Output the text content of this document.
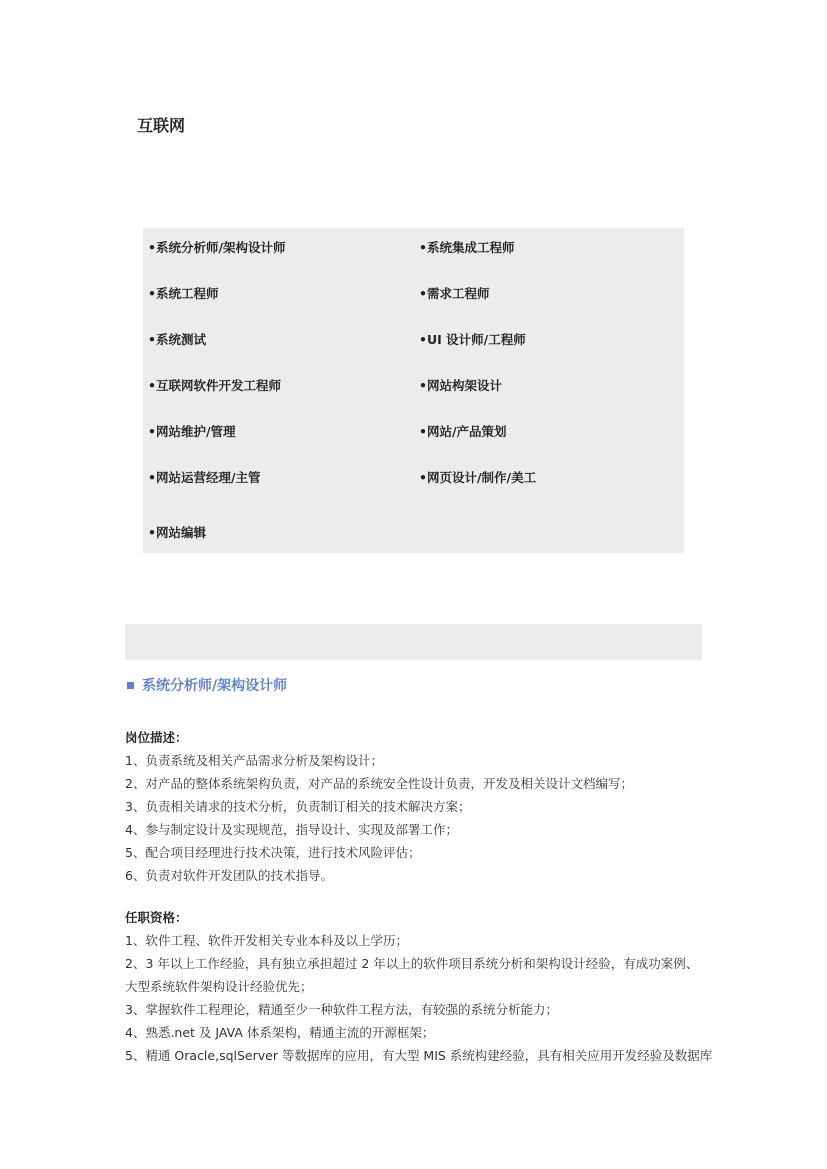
互联网
•系统分析师/架构设计师	•系统集成工程师
•系统工程师	•需求工程师
•系统测试	•UI 设计师/工程师
•互联网软件开发工程师	•网站构架设计
•网站维护/管理	•网站/产品策划
•网站运营经理/主管	•网页设计/制作/美工
•网站编辑
系统分析师/架构设计师
岗位描述：
1、负责系统及相关产品需求分析及架构设计；
2、对产品的整体系统架构负责，对产品的系统安全性设计负责，开发及相关设计文档编写；
3、负责相关请求的技术分析，负责制订相关的技术解决方案；
4、参与制定设计及实现规范，指导设计、实现及部署工作；
5、配合项目经理进行技术决策，进行技术风险评估；
6、负责对软件开发团队的技术指导。
任职资格：
1、软件工程、软件开发相关专业本科及以上学历；
2、3 年以上工作经验，具有独立承担超过 2 年以上的软件项目系统分析和架构设计经验，有成功案例、
大型系统软件架构设计经验优先；
3、掌握软件工程理论，精通至少一种软件工程方法，有较强的系统分析能力；
4、熟悉.net 及 JAVA 体系架构，精通主流的开源框架；
5、精通 Oracle,sqlServer 等数据库的应用，有大型 MIS 系统构建经验，具有相关应用开发经验及数据库
